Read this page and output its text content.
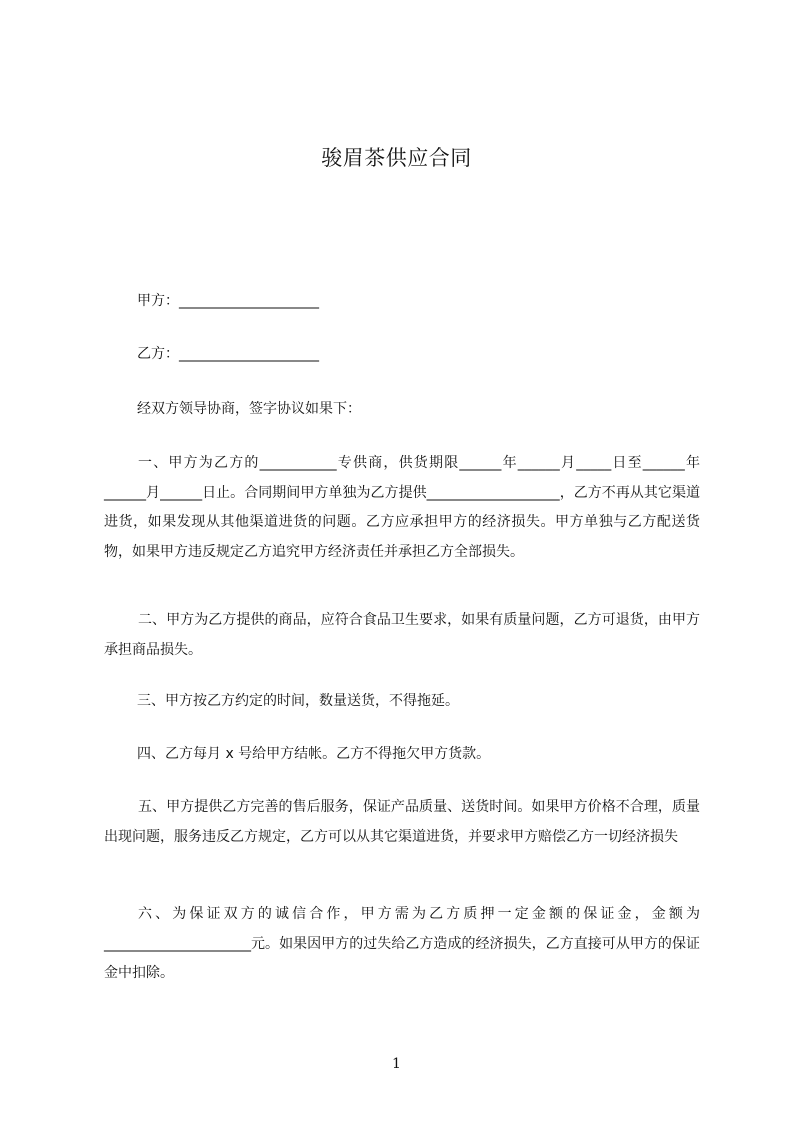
骏眉茶供应合同
甲方：____________________
乙方：____________________
经双方领导协商，签字协议如果下：
一、甲方为乙方的___________专供商，供货期限______年______月_____日至______年______月______日止。合同期间甲方单独为乙方提供___________________，乙方不再从其它渠道进货，如果发现从其他渠道进货的问题。乙方应承担甲方的经济损失。甲方单独与乙方配送货物，如果甲方违反规定乙方追究甲方经济责任并承担乙方全部损失。
二、甲方为乙方提供的商品，应符合食品卫生要求，如果有质量问题，乙方可退货，由甲方承担商品损失。
三、甲方按乙方约定的时间，数量送货，不得拖延。
四、乙方每月 x 号给甲方结帐。乙方不得拖欠甲方货款。
五、甲方提供乙方完善的售后服务，保证产品质量、送货时间。如果甲方价格不合理，质量出现问题，服务违反乙方规定，乙方可以从其它渠道进货，并要求甲方赔偿乙方一切经济损失
六、为保证双方的诚信合作，甲方需为乙方质押一定金额的保证金，金额为_____________________元。如果因甲方的过失给乙方造成的经济损失，乙方直接可从甲方的保证金中扣除。
1
